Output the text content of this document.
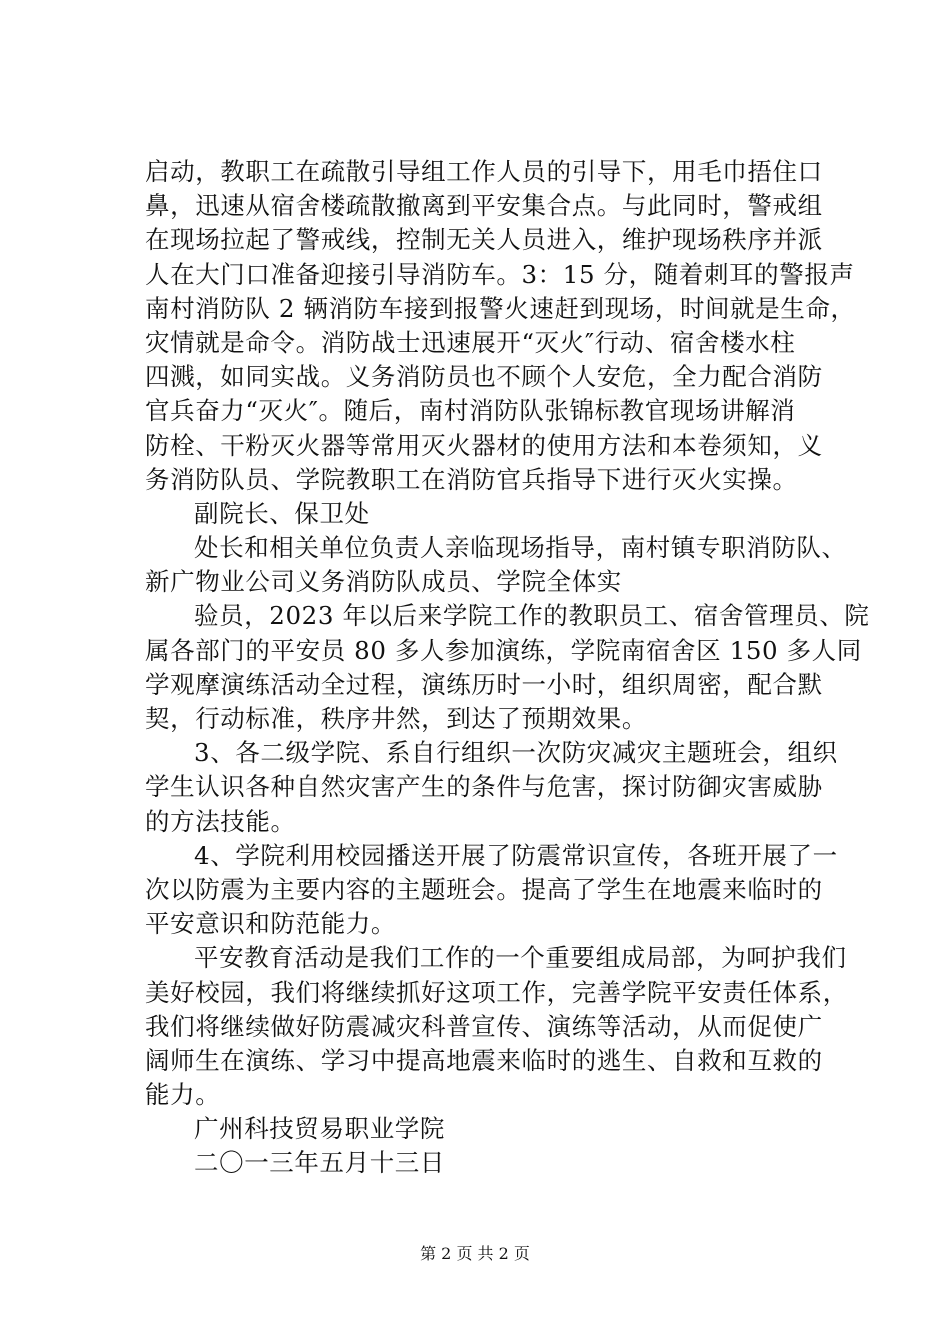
启动，教职工在疏散引导组工作人员的引导下，用毛巾捂住口
鼻，迅速从宿舍楼疏散撤离到平安集合点。与此同时，警戒组
在现场拉起了警戒线，控制无关人员进入，维护现场秩序并派
人在大门口准备迎接引导消防车。3：15 分，随着刺耳的警报声
南村消防队 2 辆消防车接到报警火速赶到现场，时间就是生命，
灾情就是命令。消防战士迅速展开“灭火″行动、宿舍楼水柱
四溅，如同实战。义务消防员也不顾个人安危，全力配合消防
官兵奋力“灭火″。随后，南村消防队张锦标教官现场讲解消
防栓、干粉灭火器等常用灭火器材的使用方法和本卷须知，义
务消防队员、学院教职工在消防官兵指导下进行灭火实操。
副院长、保卫处
处长和相关单位负责人亲临现场指导，南村镇专职消防队、
新广物业公司义务消防队成员、学院全体实
验员，2023 年以后来学院工作的教职员工、宿舍管理员、院
属各部门的平安员 80 多人参加演练，学院南宿舍区 150 多人同
学观摩演练活动全过程，演练历时一小时，组织周密，配合默
契，行动标准，秩序井然，到达了预期效果。
3、各二级学院、系自行组织一次防灾减灾主题班会，组织
学生认识各种自然灾害产生的条件与危害，探讨防御灾害威胁
的方法技能。
4、学院利用校园播送开展了防震常识宣传，各班开展了一
次以防震为主要内容的主题班会。提高了学生在地震来临时的
平安意识和防范能力。
平安教育活动是我们工作的一个重要组成局部，为呵护我们
美好校园，我们将继续抓好这项工作，完善学院平安责任体系，
我们将继续做好防震减灾科普宣传、演练等活动，从而促使广
阔师生在演练、学习中提高地震来临时的逃生、自救和互救的
能力。
广州科技贸易职业学院
二〇一三年五月十三日
第 2 页 共 2 页
